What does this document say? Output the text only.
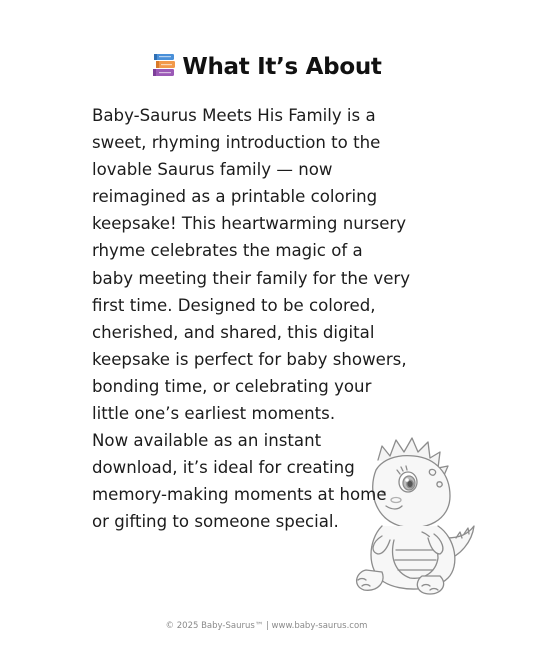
What It’s About

Baby-Saurus Meets His Family is a
sweet, rhyming introduction to the
lovable Saurus family — now
reimagined as a printable coloring
keepsake! This heartwarming nursery
rhyme celebrates the magic of a
baby meeting their family for the very
first time. Designed to be colored,
cherished, and shared, this digital
keepsake is perfect for baby showers,
bonding time, or celebrating your
little one’s earliest moments.

Now available as an instant
download, it’s ideal for creating
memory-making moments at home
or gifting to someone special.

© 2025 Baby-Saurus™ | www.baby-saurus.com
